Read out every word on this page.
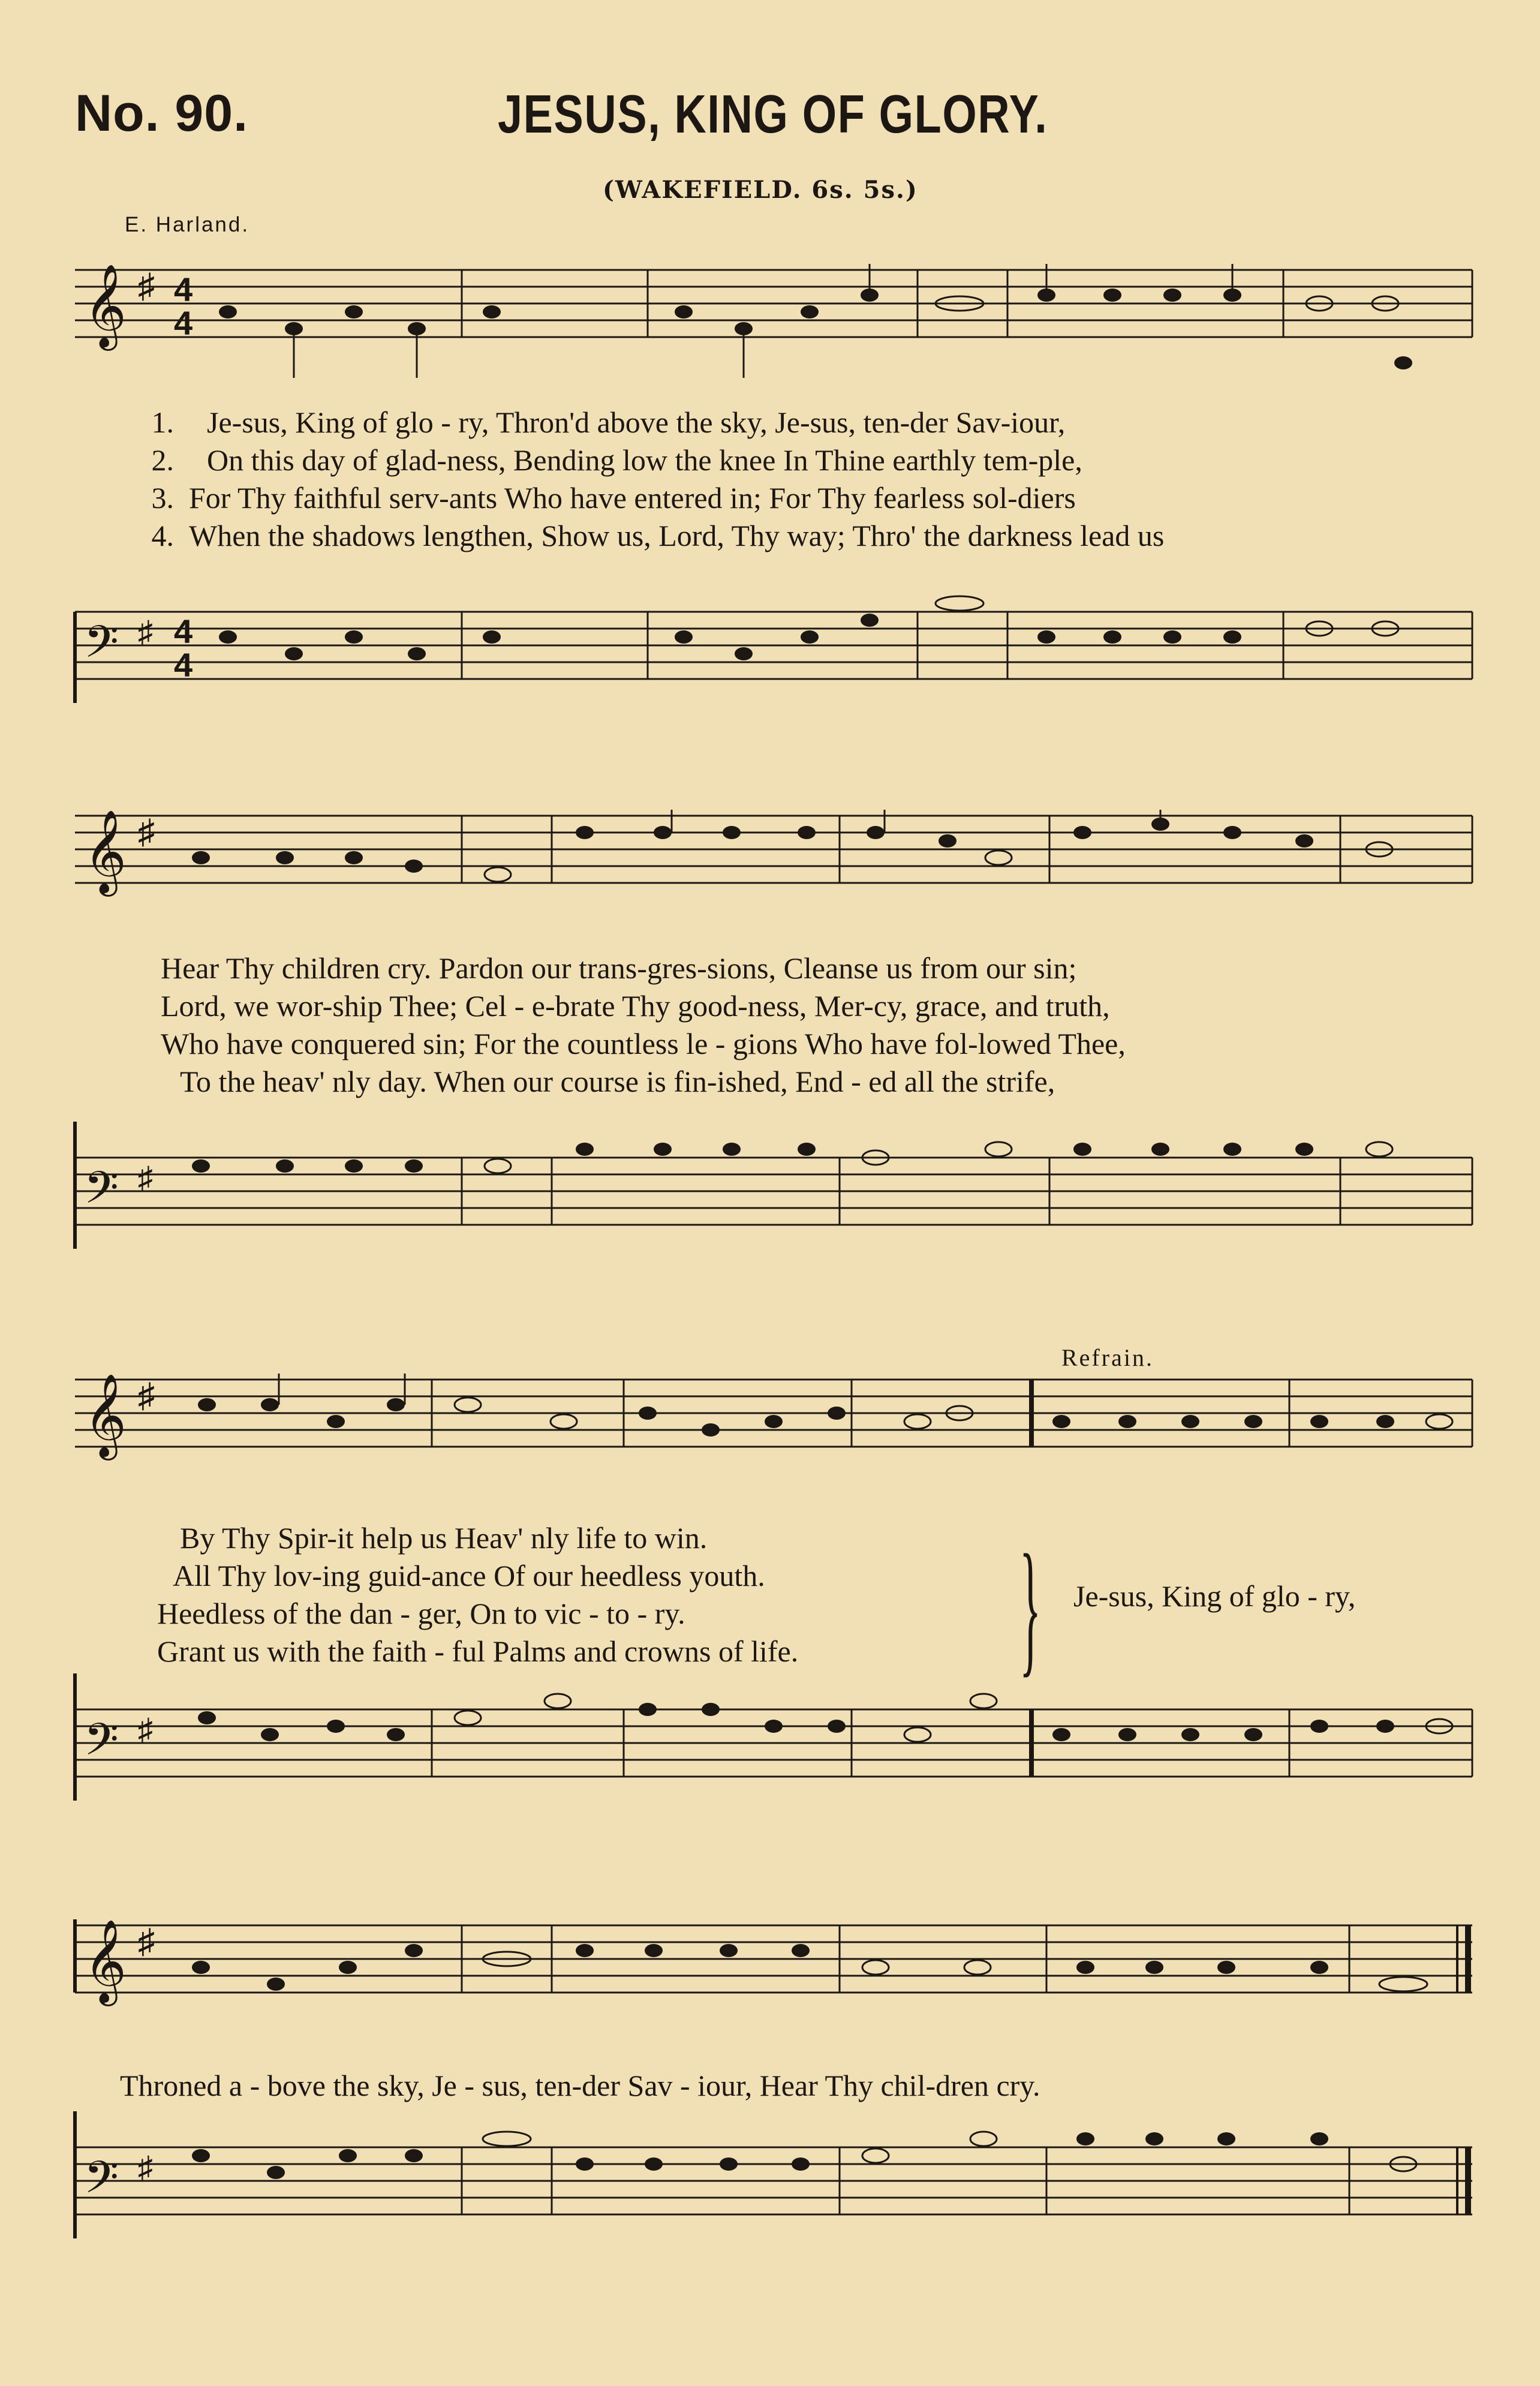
No. 90.	JESUS, KING OF GLORY.
(WAKEFIELD. 6s. 5s.)
E. Harland.
𝄞 ♯ 4
4
1.
2.
3.
4.
Je-sus, King of glo - ry, Thron'd above the sky, Je-sus, ten-der Sav-iour,
On this day of glad-ness, Bending low the knee In Thine earthly tem-ple,
For Thy faithful serv-ants Who have entered in; For Thy fearless sol-diers
When the shadows lengthen, Show us, Lord, Thy way; Thro' the darkness lead us
𝄢 ♯ 4
4
𝄞 ♯
Hear Thy children cry. Pardon our trans-gres-sions, Cleanse us from our sin;
Lord, we wor-ship Thee; Cel - e-brate Thy good-ness, Mer-cy, grace, and truth,
Who have conquered sin; For the countless le - gions Who have fol-lowed Thee,
To the heav' nly day. When our course is fin-ished, End - ed all the strife,
𝄢 ♯
Refrain.
𝄞 ♯
By Thy Spir-it help us Heav' nly life to win.
All Thy lov-ing guid-ance Of our heedless youth.
Heedless of the dan - ger, On to vic - to - ry.
Grant us with the faith - ful Palms and crowns of life. } Je-sus, King of glo - ry,
𝄢 ♯
𝄞 ♯
Throned a - bove the sky, Je - sus, ten-der Sav - iour, Hear Thy chil-dren cry.
𝄢 ♯
